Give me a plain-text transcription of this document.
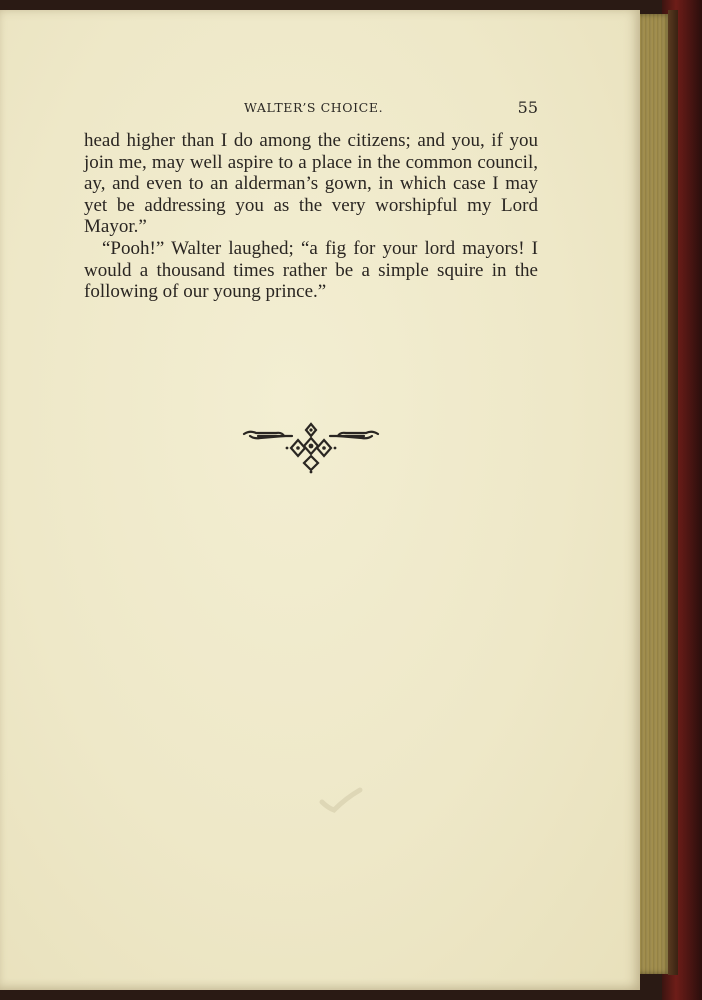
WALTER’S CHOICE.	55

head higher than I do among the citizens; and you, if you join me, may well aspire to a place in the common council, ay, and even to an alderman’s gown, in which case I may yet be addressing you as the very worshipful my Lord Mayor.”

“Pooh!” Walter laughed; “a fig for your lord mayors! I would a thousand times rather be a simple squire in the following of our young prince.”
